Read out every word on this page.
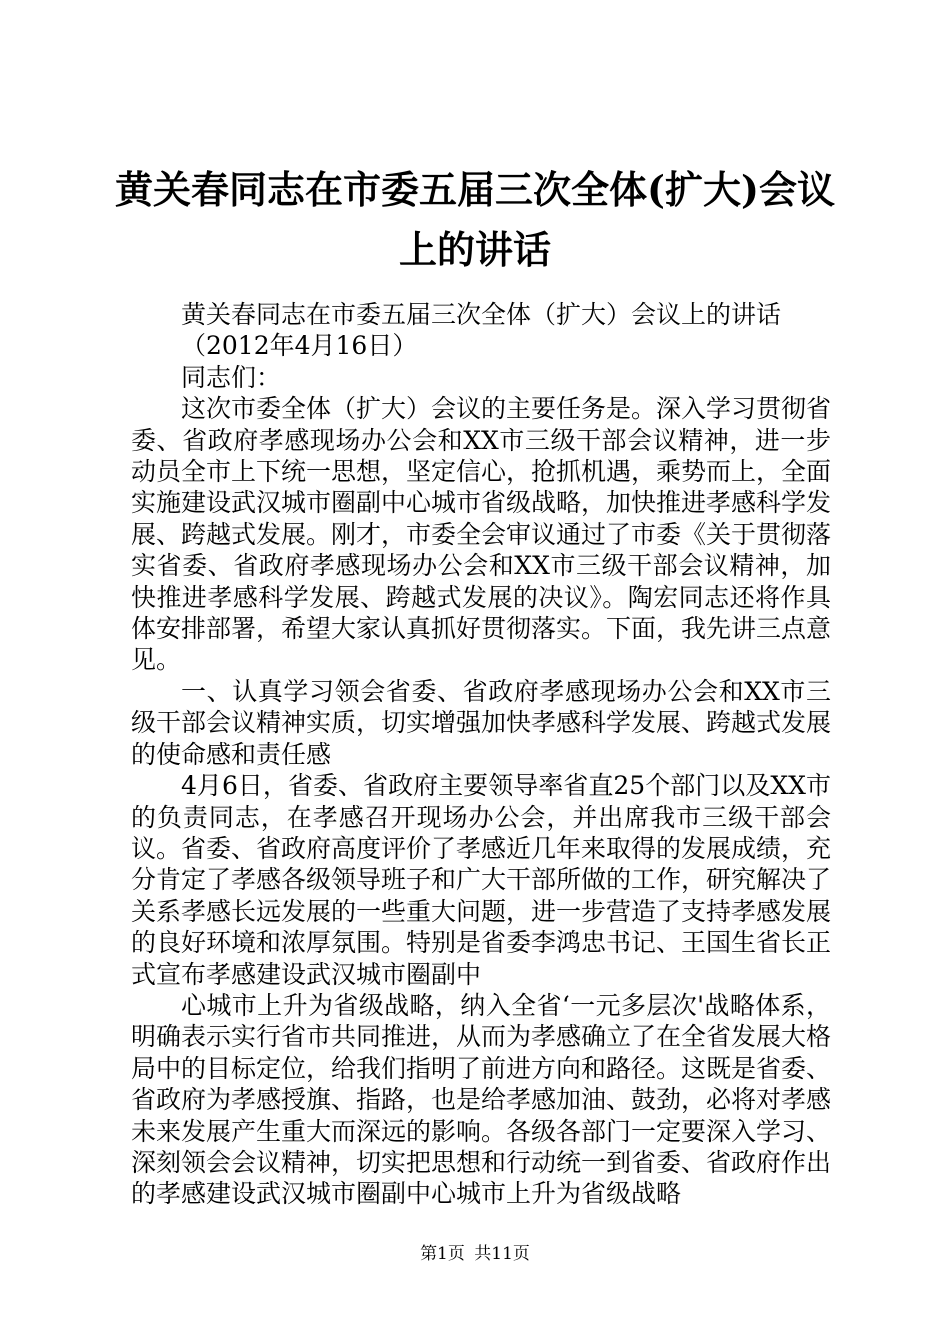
黄关春同志在市委五届三次全体(扩大)会议上的讲话

黄关春同志在市委五届三次全体（扩大）会议上的讲话

（2012年4月16日）

同志们：

这次市委全体（扩大）会议的主要任务是。深入学习贯彻省委、省政府孝感现场办公会和XX市三级干部会议精神，进一步动员全市上下统一思想，坚定信心，抢抓机遇，乘势而上，全面实施建设武汉城市圈副中心城市省级战略，加快推进孝感科学发展、跨越式发展。刚才，市委全会审议通过了市委《关于贯彻落实省委、省政府孝感现场办公会和XX市三级干部会议精神，加快推进孝感科学发展、跨越式发展的决议》。陶宏同志还将作具体安排部署，希望大家认真抓好贯彻落实。下面，我先讲三点意见。

一、认真学习领会省委、省政府孝感现场办公会和XX市三级干部会议精神实质，切实增强加快孝感科学发展、跨越式发展的使命感和责任感

4月6日，省委、省政府主要领导率省直25个部门以及XX市的负责同志，在孝感召开现场办公会，并出席我市三级干部会议。省委、省政府高度评价了孝感近几年来取得的发展成绩，充分肯定了孝感各级领导班子和广大干部所做的工作，研究解决了关系孝感长远发展的一些重大问题，进一步营造了支持孝感发展的良好环境和浓厚氛围。特别是省委李鸿忠书记、王国生省长正式宣布孝感建设武汉城市圈副中

心城市上升为省级战略，纳入全省‘一元多层次'战略体系，明确表示实行省市共同推进，从而为孝感确立了在全省发展大格局中的目标定位，给我们指明了前进方向和路径。这既是省委、省政府为孝感授旗、指路，也是给孝感加油、鼓劲，必将对孝感未来发展产生重大而深远的影响。各级各部门一定要深入学习、深刻领会会议精神，切实把思想和行动统一到省委、省政府作出的孝感建设武汉城市圈副中心城市上升为省级战略

第1页 共11页
